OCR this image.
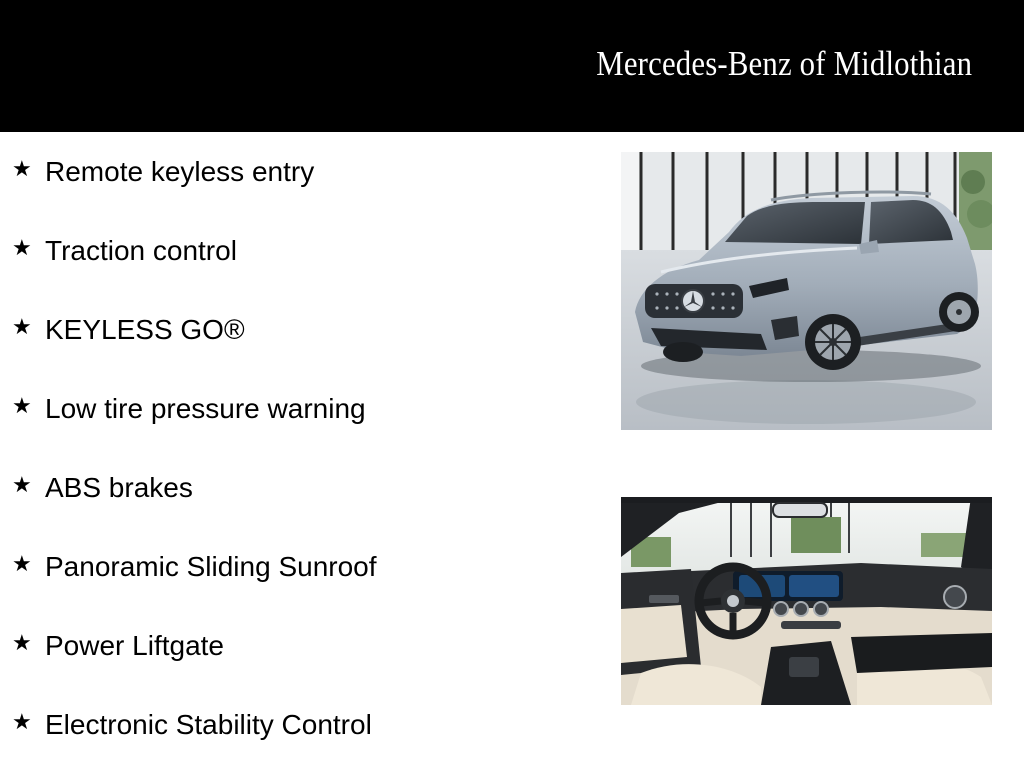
Mercedes-Benz of Midlothian
★ Remote keyless entry
★ Traction control
★ KEYLESS GO®
★ Low tire pressure warning
★ ABS brakes
★ Panoramic Sliding Sunroof
★ Power Liftgate
★ Electronic Stability Control
